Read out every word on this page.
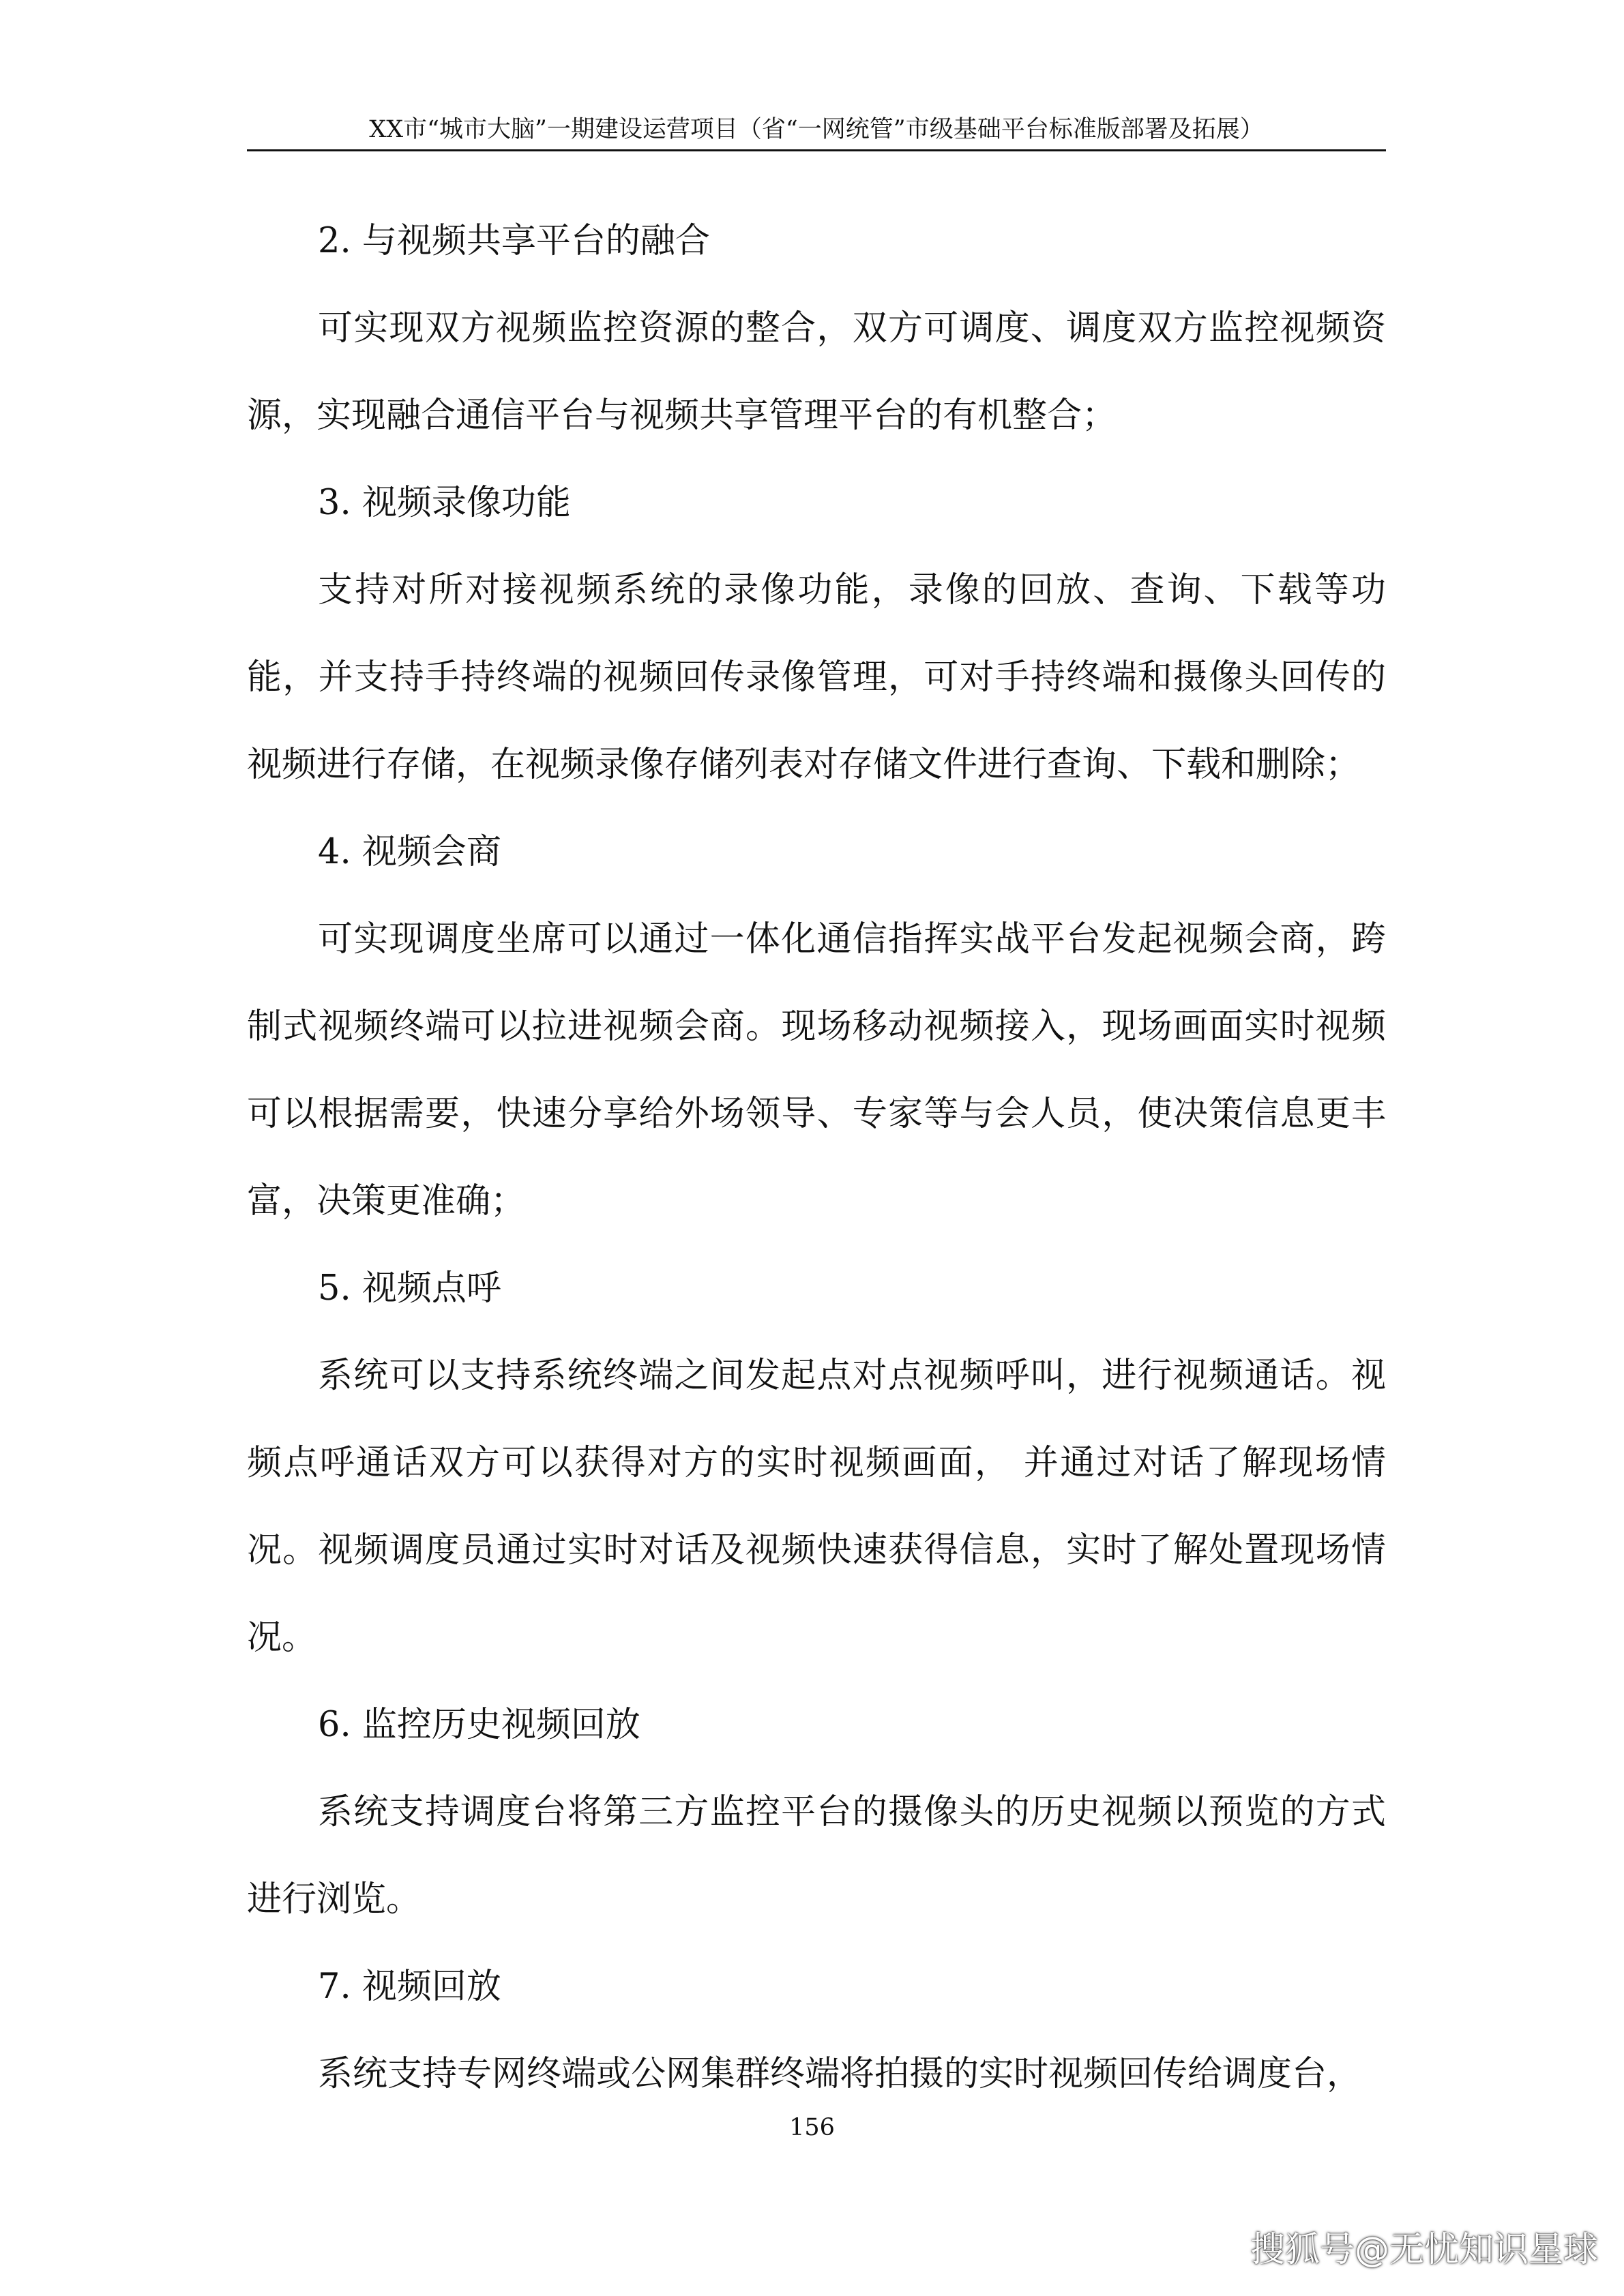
XX市“城市大脑”一期建设运营项目（省“一网统管”市级基础平台标准版部署及拓展）

2. 与视频共享平台的融合

可实现双方视频监控资源的整合，双方可调度、调度双方监控视频资源，实现融合通信平台与视频共享管理平台的有机整合；

3. 视频录像功能

支持对所对接视频系统的录像功能，录像的回放、查询、下载等功能，并支持手持终端的视频回传录像管理，可对手持终端和摄像头回传的视频进行存储，在视频录像存储列表对存储文件进行查询、下载和删除；

4. 视频会商

可实现调度坐席可以通过一体化通信指挥实战平台发起视频会商，跨制式视频终端可以拉进视频会商。现场移动视频接入，现场画面实时视频可以根据需要，快速分享给外场领导、专家等与会人员，使决策信息更丰富，决策更准确；

5. 视频点呼

系统可以支持系统终端之间发起点对点视频呼叫，进行视频通话。视频点呼通话双方可以获得对方的实时视频画面， 并通过对话了解现场情况。视频调度员通过实时对话及视频快速获得信息，实时了解处置现场情况。

6. 监控历史视频回放

系统支持调度台将第三方监控平台的摄像头的历史视频以预览的方式进行浏览。

7. 视频回放

系统支持专网终端或公网集群终端将拍摄的实时视频回传给调度台，

156
搜狐号@无忧知识星球
